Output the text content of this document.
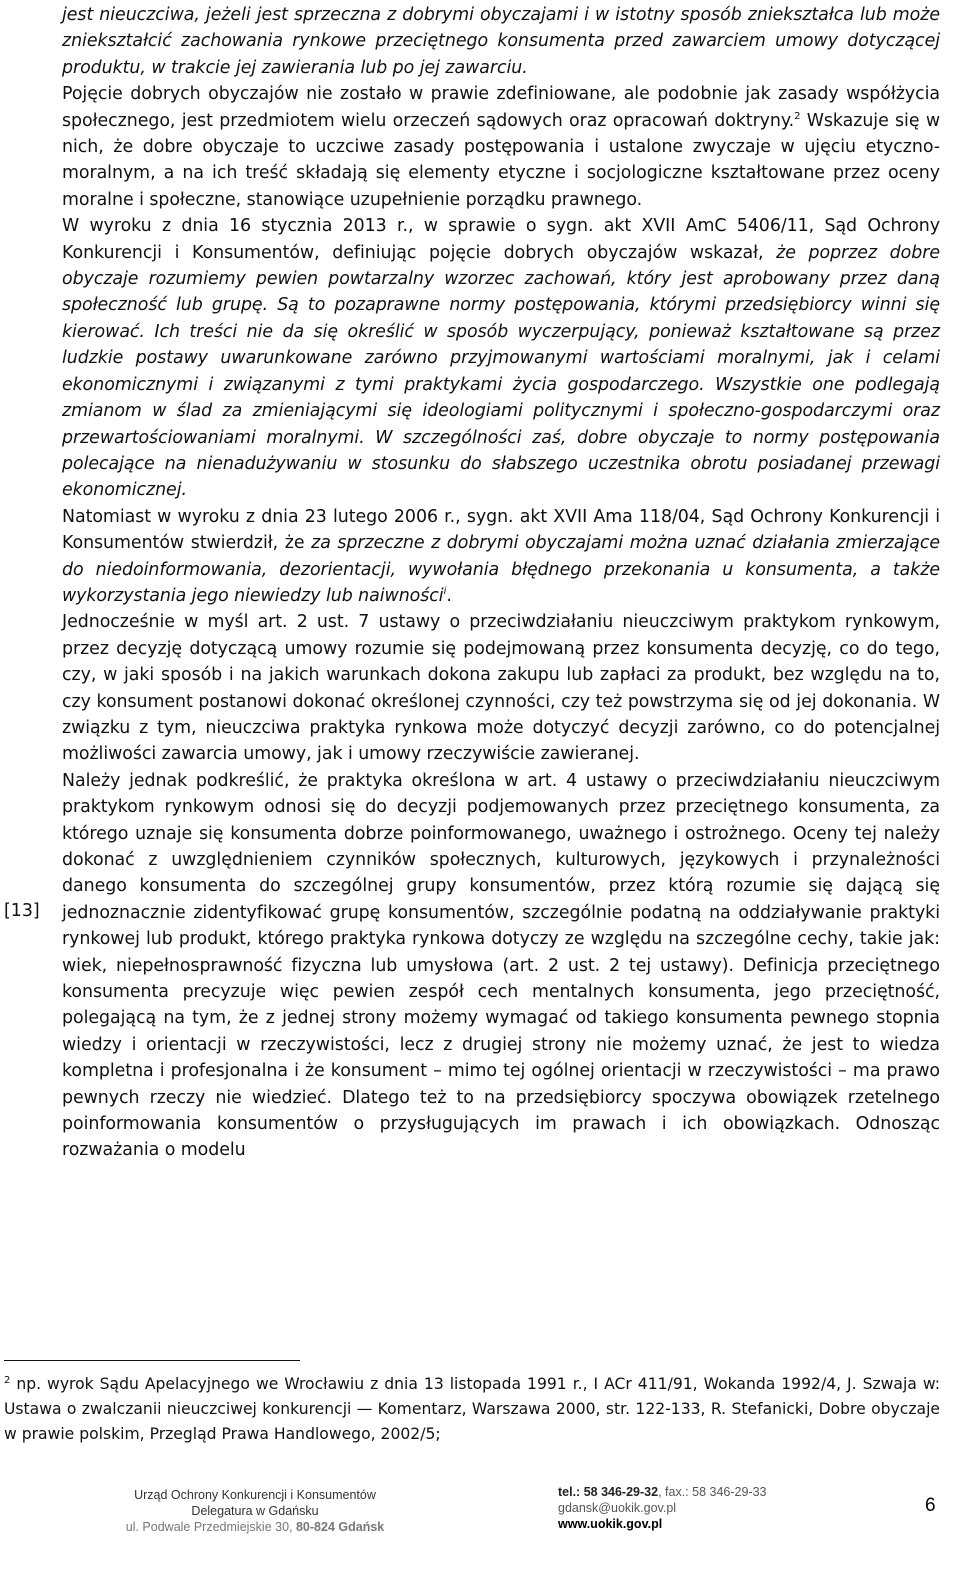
jest nieuczciwa, jeżeli jest sprzeczna z dobrymi obyczajami i w istotny sposób zniekształca lub może zniekształcić zachowania rynkowe przeciętnego konsumenta przed zawarciem umowy dotyczącej produktu, w trakcie jej zawierania lub po jej zawarciu.

Pojęcie dobrych obyczajów nie zostało w prawie zdefiniowane, ale podobnie jak zasady współżycia społecznego, jest przedmiotem wielu orzeczeń sądowych oraz opracowań doktryny.$^2$ Wskazuje się w nich, że dobre obyczaje to uczciwe zasady postępowania i ustalone zwyczaje w ujęciu etyczno-moralnym, a na ich treść składają się elementy etyczne i socjologiczne kształtowane przez oceny moralne i społeczne, stanowiące uzupełnienie porządku prawnego.

W wyroku z dnia 16 stycznia 2013 r., w sprawie o sygn. akt XVII AmC 5406/11, Sąd Ochrony Konkurencji i Konsumentów, definiując pojęcie dobrych obyczajów wskazał, że poprzez dobre obyczaje rozumiemy pewien powtarzalny wzorzec zachowań, który jest aprobowany przez daną społeczność lub grupę. Są to pozaprawne normy postępowania, którymi przedsiębiorcy winni się kierować. Ich treści nie da się określić w sposób wyczerpujący, ponieważ kształtowane są przez ludzkie postawy uwarunkowane zarówno przyjmowanymi wartościami moralnymi, jak i celami ekonomicznymi i związanymi z tymi praktykami życia gospodarczego. Wszystkie one podlegają zmianom w ślad za zmieniającymi się ideologiami politycznymi i społeczno-gospodarczymi oraz przewartościowaniami moralnymi. W szczególności zaś, dobre obyczaje to normy postępowania polecające na nienadużywaniu w stosunku do słabszego uczestnika obrotu posiadanej przewagi ekonomicznej.

Natomiast w wyroku z dnia 23 lutego 2006 r., sygn. akt XVII Ama 118/04, Sąd Ochrony Konkurencji i Konsumentów stwierdził, że za sprzeczne z dobrymi obyczajami można uznać działania zmierzające do niedoinformowania, dezorientacji, wywołania błędnego przekonania u konsumenta, a także wykorzystania jego niewiedzy lub naiwności$^i$.

Jednocześnie w myśl art. 2 ust. 7 ustawy o przeciwdziałaniu nieuczciwym praktykom rynkowym, przez decyzję dotyczącą umowy rozumie się podejmowaną przez konsumenta decyzję, co do tego, czy, w jaki sposób i na jakich warunkach dokona zakupu lub zapłaci za produkt, bez względu na to, czy konsument postanowi dokonać określonej czynności, czy też powstrzyma się od jej dokonania. W związku z tym, nieuczciwa praktyka rynkowa może dotyczyć decyzji zarówno, co do potencjalnej możliwości zawarcia umowy, jak i umowy rzeczywiście zawieranej.

Należy jednak podkreślić, że praktyka określona w art. 4 ustawy o przeciwdziałaniu nieuczciwym praktykom rynkowym odnosi się do decyzji podjemowanych przez przeciętnego konsumenta, za którego uznaje się konsumenta dobrze poinformowanego, uważnego i ostrożnego. Oceny tej należy dokonać z uwzględnieniem czynników społecznych, kulturowych, językowych i przynależności danego konsumenta do szczególnej grupy konsumentów, przez którą rozumie się dającą się jednoznacznie zidentyfikować grupę konsumentów, szczególnie podatną na oddziaływanie praktyki rynkowej lub produkt, którego praktyka rynkowa dotyczy ze względu na szczególne cechy, takie jak: wiek, niepełnosprawność fizyczna lub umysłowa (art. 2 ust. 2 tej ustawy). Definicja przeciętnego konsumenta precyzuje więc pewien zespół cech mentalnych konsumenta, jego przeciętność, polegającą na tym, że z jednej strony możemy wymagać od takiego konsumenta pewnego stopnia wiedzy i orientacji w rzeczywistości, lecz z drugiej strony nie możemy uznać, że jest to wiedza kompletna i profesjonalna i że konsument – mimo tej ogólnej orientacji w rzeczywistości – ma prawo pewnych rzeczy nie wiedzieć. Dlatego też to na przedsiębiorcy spoczywa obowiązek rzetelnego poinformowania konsumentów o przysługujących im prawach i ich obowiązkach. Odnosząc rozważania o modelu

[13]
$^2$ np. wyrok Sądu Apelacyjnego we Wrocławiu z dnia 13 listopada 1991 r., I ACr 411/91, Wokanda 1992/4, J. Szwaja w: Ustawa o zwalczanii nieuczciwej konkurencji — Komentarz, Warszawa 2000, str. 122-133, R. Stefanicki, Dobre obyczaje w prawie polskim, Przegląd Prawa Handlowego, 2002/5;
Urząd Ochrony Konkurencji i Konsumentów
Delegatura w Gdańsku
ul. Podwale Przedmiejskie 30, 80-824 Gdańsk
tel.: 58 346-29-32, fax.: 58 346-29-33
gdansk@uokik.gov.pl
www.uokik.gov.pl
6
